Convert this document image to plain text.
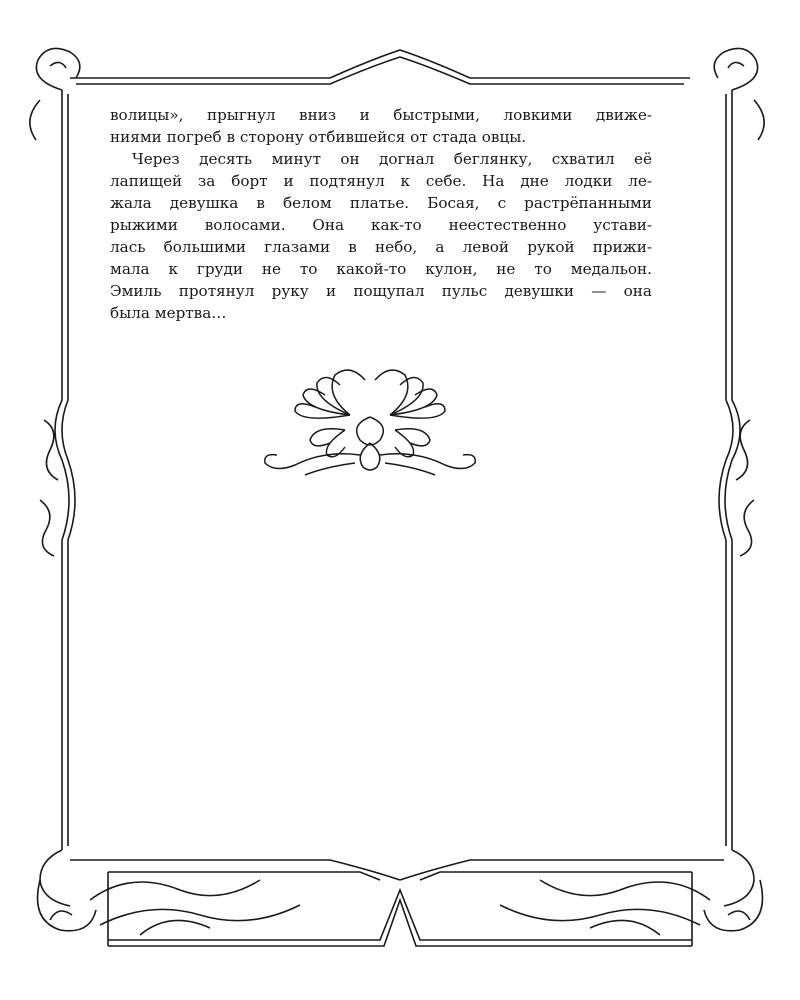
волицы», прыгнул вниз и быстрыми, ловкими движе-
ниями погреб в сторону отбившейся от стада овцы.
Через десять минут он догнал беглянку, схватил её
лапищей за борт и подтянул к себе. На дне лодки ле-
жала девушка в белом платье. Босая, с растрёпанными
рыжими волосами. Она как-то неестественно устави-
лась большими глазами в небо, а левой рукой прижи-
мала к груди не то какой-то кулон, не то медальон.
Эмиль протянул руку и пощупал пульс девушки — она
была мертва…
